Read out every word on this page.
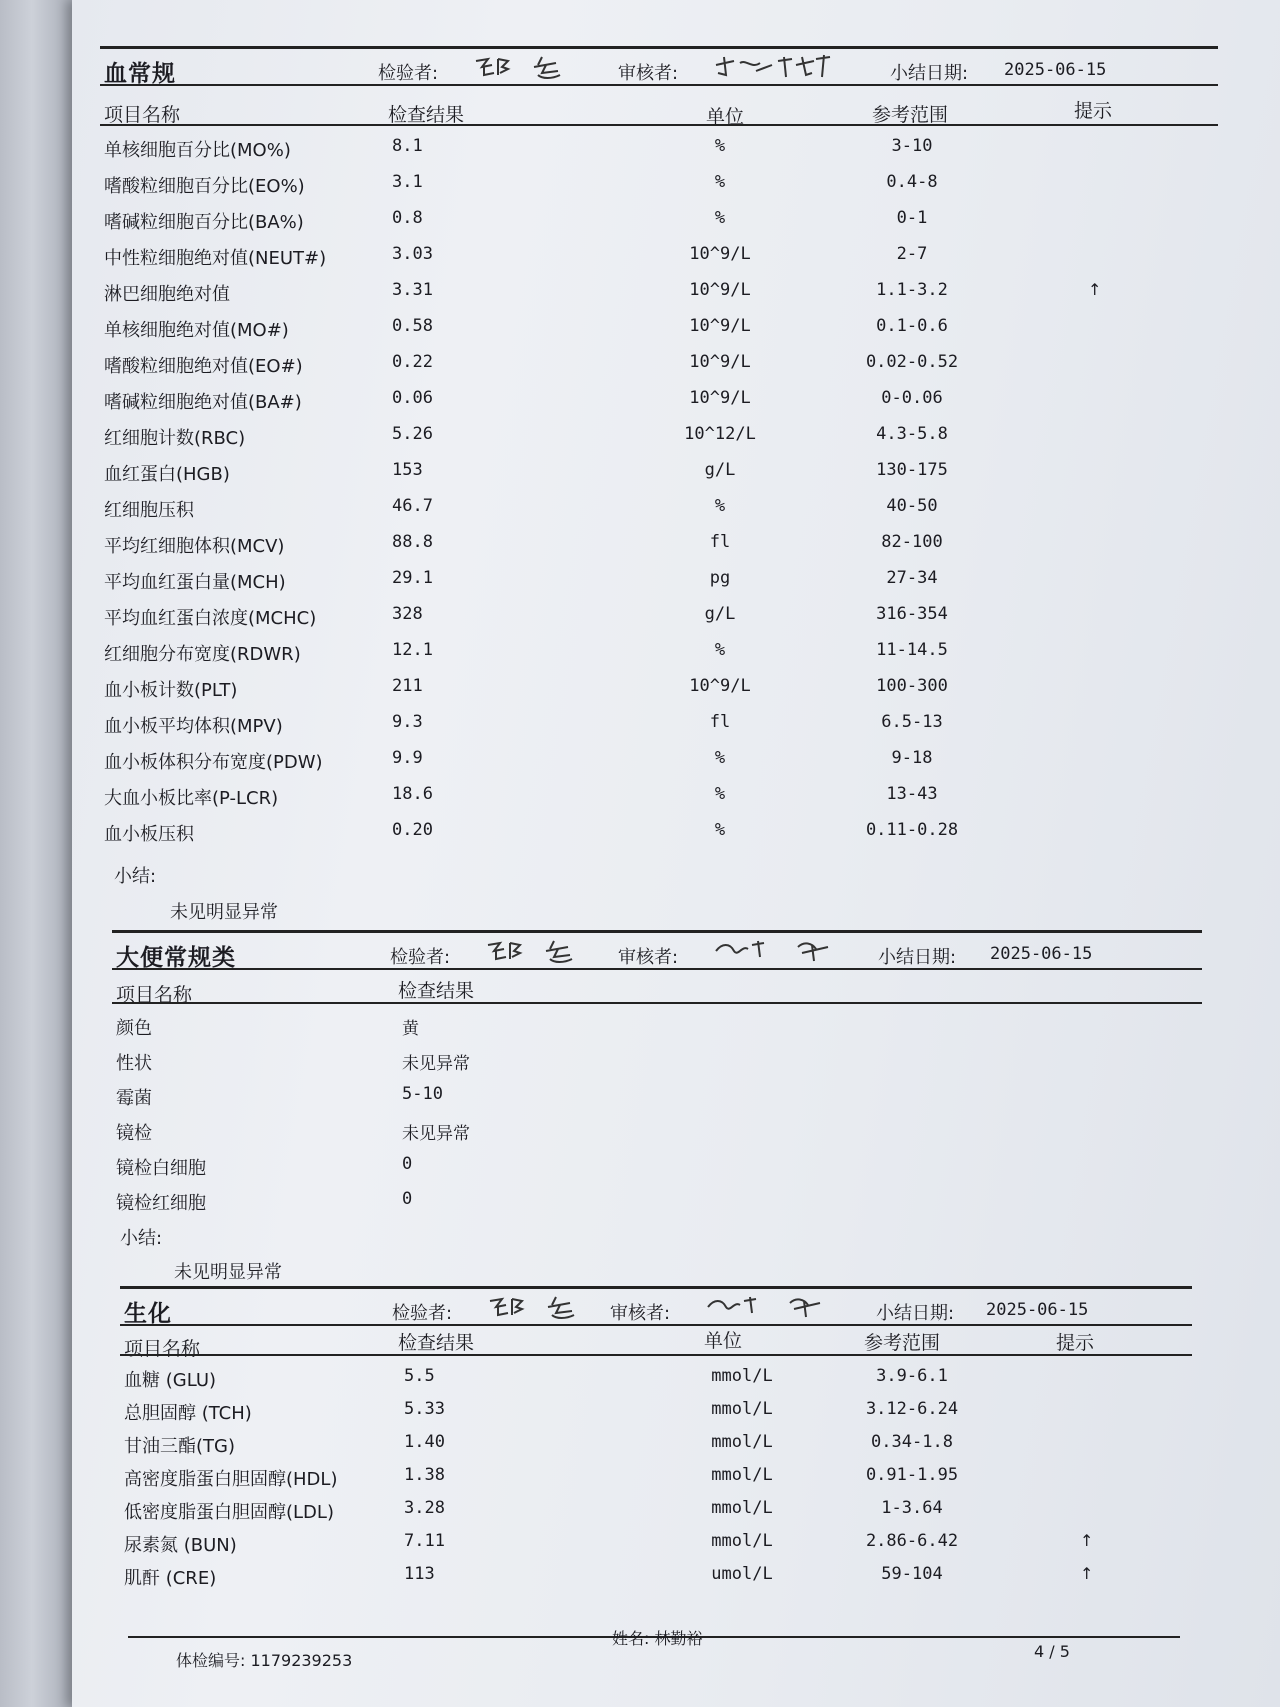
血常规	检验者:	审核者:	小结日期: 2025-06-15
项目名称	检查结果	单位	参考范围	提示
单核细胞百分比(MO%)	8.1	%	3-10
嗜酸粒细胞百分比(EO%)	3.1	%	0.4-8
嗜碱粒细胞百分比(BA%)	0.8	%	0-1
中性粒细胞绝对值(NEUT#)	3.03	10^9/L	2-7
淋巴细胞绝对值	3.31	10^9/L	1.1-3.2	↑
单核细胞绝对值(MO#)	0.58	10^9/L	0.1-0.6
嗜酸粒细胞绝对值(EO#)	0.22	10^9/L	0.02-0.52
嗜碱粒细胞绝对值(BA#)	0.06	10^9/L	0-0.06
红细胞计数(RBC)	5.26	10^12/L	4.3-5.8
血红蛋白(HGB)	153	g/L	130-175
红细胞压积	46.7	%	40-50
平均红细胞体积(MCV)	88.8	fl	82-100
平均血红蛋白量(MCH)	29.1	pg	27-34
平均血红蛋白浓度(MCHC)	328	g/L	316-354
红细胞分布宽度(RDWR)	12.1	%	11-14.5
血小板计数(PLT)	211	10^9/L	100-300
血小板平均体积(MPV)	9.3	fl	6.5-13
血小板体积分布宽度(PDW)	9.9	%	9-18
大血小板比率(P-LCR)	18.6	%	13-43
血小板压积	0.20	%	0.11-0.28
小结:
未见明显异常
大便常规类	检验者:	审核者:	小结日期: 2025-06-15
项目名称	检查结果
颜色	黄
性状	未见异常
霉菌	5-10
镜检	未见异常
镜检白细胞	0
镜检红细胞	0
小结:
未见明显异常
生化	检验者:	审核者:	小结日期: 2025-06-15
项目名称	检查结果	单位	参考范围	提示
血糖 (GLU)	5.5	mmol/L	3.9-6.1
总胆固醇 (TCH)	5.33	mmol/L	3.12-6.24
甘油三酯(TG)	1.40	mmol/L	0.34-1.8
高密度脂蛋白胆固醇(HDL)	1.38	mmol/L	0.91-1.95
低密度脂蛋白胆固醇(LDL)	3.28	mmol/L	1-3.64
尿素氮 (BUN)	7.11	mmol/L	2.86-6.42	↑
肌酐 (CRE)	113	umol/L	59-104	↑
体检编号: 1179239253
姓名: 林勤裕
4 / 5
